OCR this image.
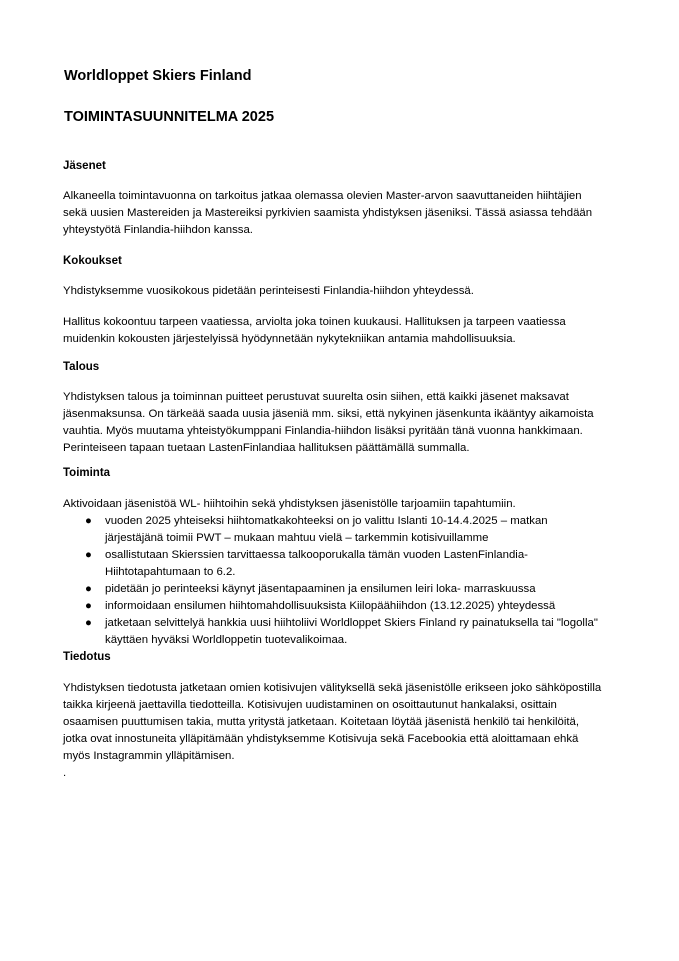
Worldloppet Skiers Finland
TOIMINTASUUNNITELMA 2025
Jäsenet
Alkaneella toimintavuonna on tarkoitus jatkaa olemassa olevien Master-arvon saavuttaneiden hiihtäjien
sekä uusien Mastereiden ja Mastereiksi pyrkivien saamista yhdistyksen jäseniksi. Tässä asiassa tehdään
yhteystyötä Finlandia-hiihdon kanssa.
Kokoukset
Yhdistyksemme vuosikokous pidetään perinteisesti Finlandia-hiihdon yhteydessä.
Hallitus kokoontuu tarpeen vaatiessa, arviolta joka toinen kuukausi. Hallituksen ja tarpeen vaatiessa
muidenkin kokousten järjestelyissä hyödynnetään nykytekniikan antamia mahdollisuuksia.
Talous
Yhdistyksen talous ja toiminnan puitteet perustuvat suurelta osin siihen, että kaikki jäsenet maksavat
jäsenmaksunsa. On tärkeää saada uusia jäseniä mm. siksi, että nykyinen jäsenkunta ikääntyy aikamoista
vauhtia. Myös muutama yhteistyökumppani Finlandia-hiihdon lisäksi pyritään tänä vuonna hankkimaan.
Perinteiseen tapaan tuetaan LastenFinlandiaa hallituksen päättämällä summalla.
Toiminta
Aktivoidaan jäsenistöä WL- hiihtoihin sekä yhdistyksen jäsenistölle tarjoamiin tapahtumiin.
● vuoden 2025 yhteiseksi hiihtomatkakohteeksi on jo valittu Islanti 10-14.4.2025 – matkan
järjestäjänä toimii PWT – mukaan mahtuu vielä – tarkemmin kotisivuillamme
● osallistutaan Skierssien tarvittaessa talkooporukalla tämän vuoden LastenFinlandia-
Hiihtotapahtumaan to 6.2.
● pidetään jo perinteeksi käynyt jäsentapaaminen ja ensilumen leiri loka- marraskuussa
● informoidaan ensilumen hiihtomahdollisuuksista Kiilopäähiihdon (13.12.2025) yhteydessä
● jatketaan selvittelyä hankkia uusi hiihtoliivi Worldloppet Skiers Finland ry painatuksella tai "logolla"
käyttäen hyväksi Worldloppetin tuotevalikoimaa.
Tiedotus
Yhdistyksen tiedotusta jatketaan omien kotisivujen välityksellä sekä jäsenistölle erikseen joko sähköpostilla
taikka kirjeenä jaettavilla tiedotteilla. Kotisivujen uudistaminen on osoittautunut hankalaksi, osittain
osaamisen puuttumisen takia, mutta yritystä jatketaan. Koitetaan löytää jäsenistä henkilö tai henkilöitä,
jotka ovat innostuneita ylläpitämään yhdistyksemme Kotisivuja sekä Facebookia että aloittamaan ehkä
myös Instagrammin ylläpitämisen.
.
